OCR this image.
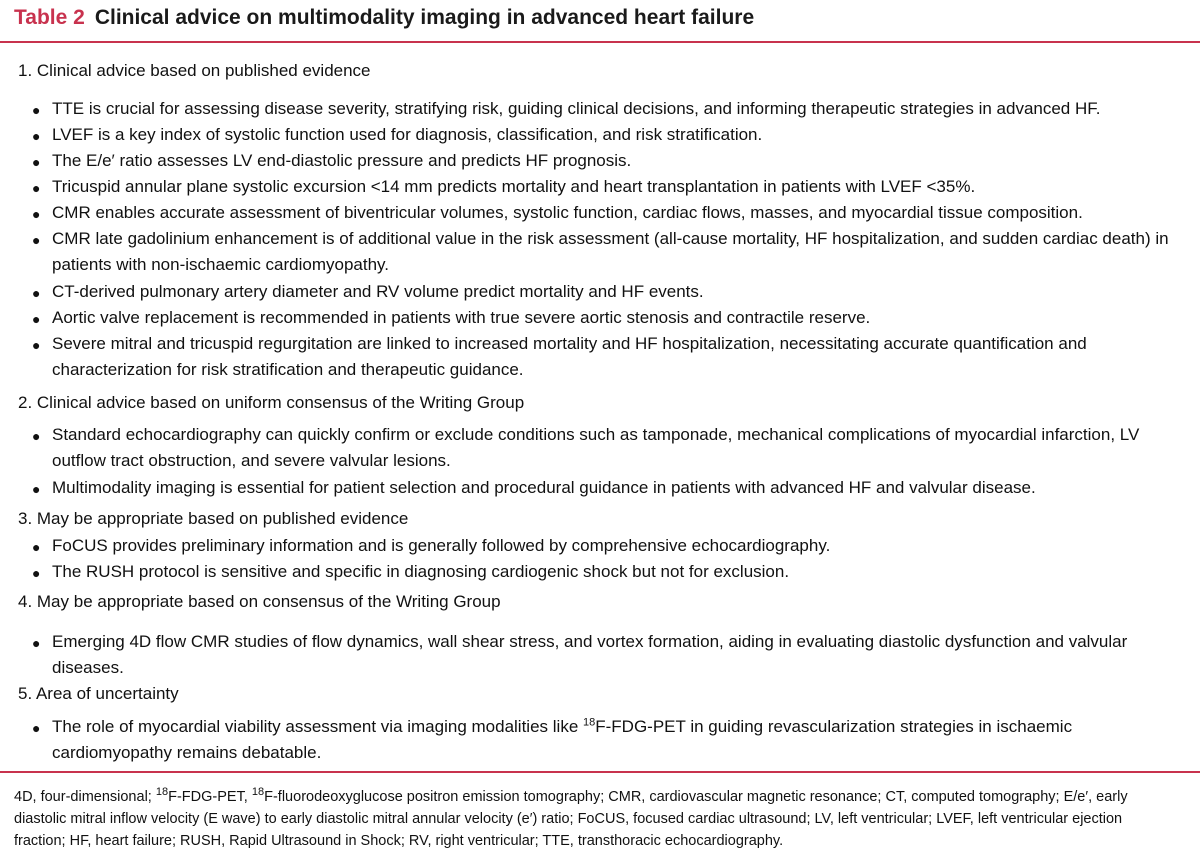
Table 2 Clinical advice on multimodality imaging in advanced heart failure
1. Clinical advice based on published evidence
● TTE is crucial for assessing disease severity, stratifying risk, guiding clinical decisions, and informing therapeutic strategies in advanced HF.
● LVEF is a key index of systolic function used for diagnosis, classification, and risk stratification.
● The E/e′ ratio assesses LV end-diastolic pressure and predicts HF prognosis.
● Tricuspid annular plane systolic excursion <14 mm predicts mortality and heart transplantation in patients with LVEF <35%.
● CMR enables accurate assessment of biventricular volumes, systolic function, cardiac flows, masses, and myocardial tissue composition.
● CMR late gadolinium enhancement is of additional value in the risk assessment (all-cause mortality, HF hospitalization, and sudden cardiac death) in
patients with non-ischaemic cardiomyopathy.
● CT-derived pulmonary artery diameter and RV volume predict mortality and HF events.
● Aortic valve replacement is recommended in patients with true severe aortic stenosis and contractile reserve.
● Severe mitral and tricuspid regurgitation are linked to increased mortality and HF hospitalization, necessitating accurate quantification and
characterization for risk stratification and therapeutic guidance.
2. Clinical advice based on uniform consensus of the Writing Group
● Standard echocardiography can quickly confirm or exclude conditions such as tamponade, mechanical complications of myocardial infarction, LV
outflow tract obstruction, and severe valvular lesions.
● Multimodality imaging is essential for patient selection and procedural guidance in patients with advanced HF and valvular disease.
3. May be appropriate based on published evidence
● FoCUS provides preliminary information and is generally followed by comprehensive echocardiography.
● The RUSH protocol is sensitive and specific in diagnosing cardiogenic shock but not for exclusion.
4. May be appropriate based on consensus of the Writing Group
● Emerging 4D flow CMR studies of flow dynamics, wall shear stress, and vortex formation, aiding in evaluating diastolic dysfunction and valvular
diseases.
5. Area of uncertainty
● The role of myocardial viability assessment via imaging modalities like $^{18}$F-FDG-PET in guiding revascularization strategies in ischaemic
cardiomyopathy remains debatable.
4D, four-dimensional; $^{18}$F-FDG-PET, $^{18}$F-fluorodeoxyglucose positron emission tomography; CMR, cardiovascular magnetic resonance; CT, computed tomography; E/e′, early
diastolic mitral inflow velocity (E wave) to early diastolic mitral annular velocity (e′) ratio; FoCUS, focused cardiac ultrasound; LV, left ventricular; LVEF, left ventricular ejection
fraction; HF, heart failure; RUSH, Rapid Ultrasound in Shock; RV, right ventricular; TTE, transthoracic echocardiography.
